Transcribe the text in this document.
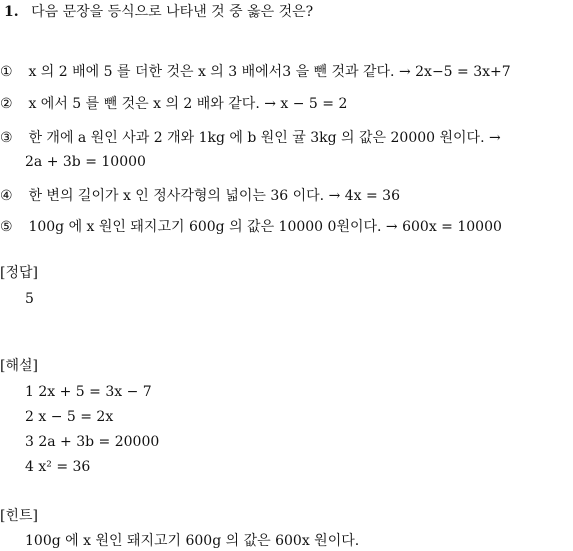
1. 다음 문장을 등식으로 나타낸 것 중 옳은 것은?
① x 의 2 배에 5 를 더한 것은 x 의 3 배에서3 을 뺀 것과 같다. → 2x−5 = 3x+7
② x 에서 5 를 뺀 것은 x 의 2 배와 같다. → x − 5 = 2
③ 한 개에 a 원인 사과 2 개와 1kg 에 b 원인 귤 3kg 의 값은 20000 원이다. →
2a + 3b = 10000
④ 한 변의 길이가 x 인 정사각형의 넓이는 36 이다. → 4x = 36
⑤ 100g 에 x 원인 돼지고기 600g 의 값은 10000 0원이다. → 600x = 10000
[정답]
5
[해설]
1 2x + 5 = 3x − 7
2 x − 5 = 2x
3 2a + 3b = 20000
4 x² = 36
[힌트]
100g 에 x 원인 돼지고기 600g 의 값은 600x 원이다.
